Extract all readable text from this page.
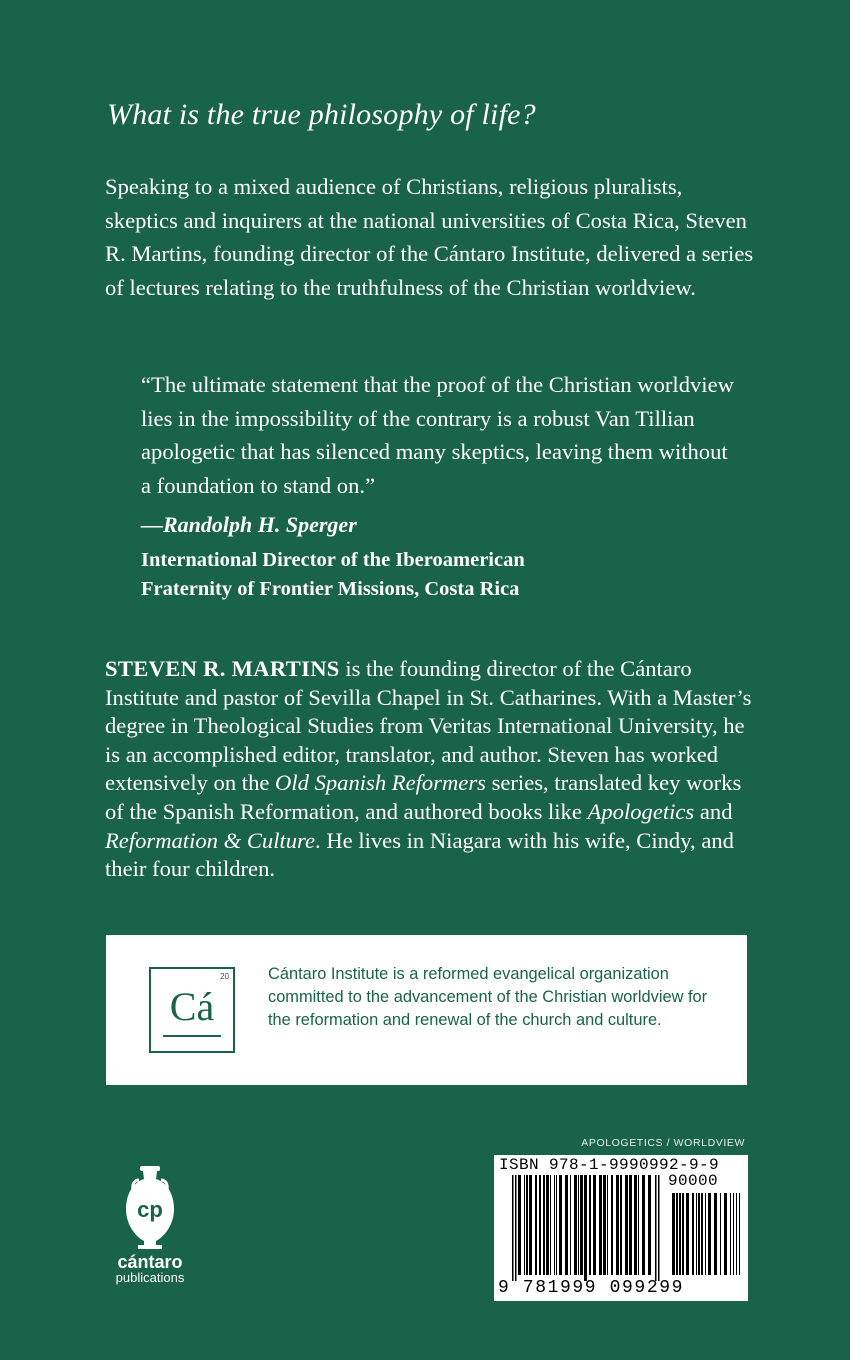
What is the true philosophy of life?

Speaking to a mixed audience of Christians, religious pluralists, skeptics and inquirers at the national universities of Costa Rica, Steven R. Martins, founding director of the Cántaro Institute, delivered a series of lectures relating to the truthfulness of the Christian worldview.

“The ultimate statement that the proof of the Christian worldview lies in the impossibility of the contrary is a robust Van Tillian apologetic that has silenced many skeptics, leaving them without a foundation to stand on.”

—Randolph H. Sperger
International Director of the Iberoamerican
Fraternity of Frontier Missions, Costa Rica

STEVEN R. MARTINS is the founding director of the Cántaro Institute and pastor of Sevilla Chapel in St. Catharines. With a Master’s degree in Theological Studies from Veritas International University, he is an accomplished editor, translator, and author. Steven has worked extensively on the Old Spanish Reformers series, translated key works of the Spanish Reformation, and authored books like Apologetics and Reformation & Culture. He lives in Niagara with his wife, Cindy, and their four children.

20
Cá

Cántaro Institute is a reformed evangelical organization committed to the advancement of the Christian worldview for the reformation and renewal of the church and culture.

cp
cántaro
publications
APOLOGETICS / WORLDVIEW
ISBN 978-1-9990992-9-9
90000
9 781999 099299
